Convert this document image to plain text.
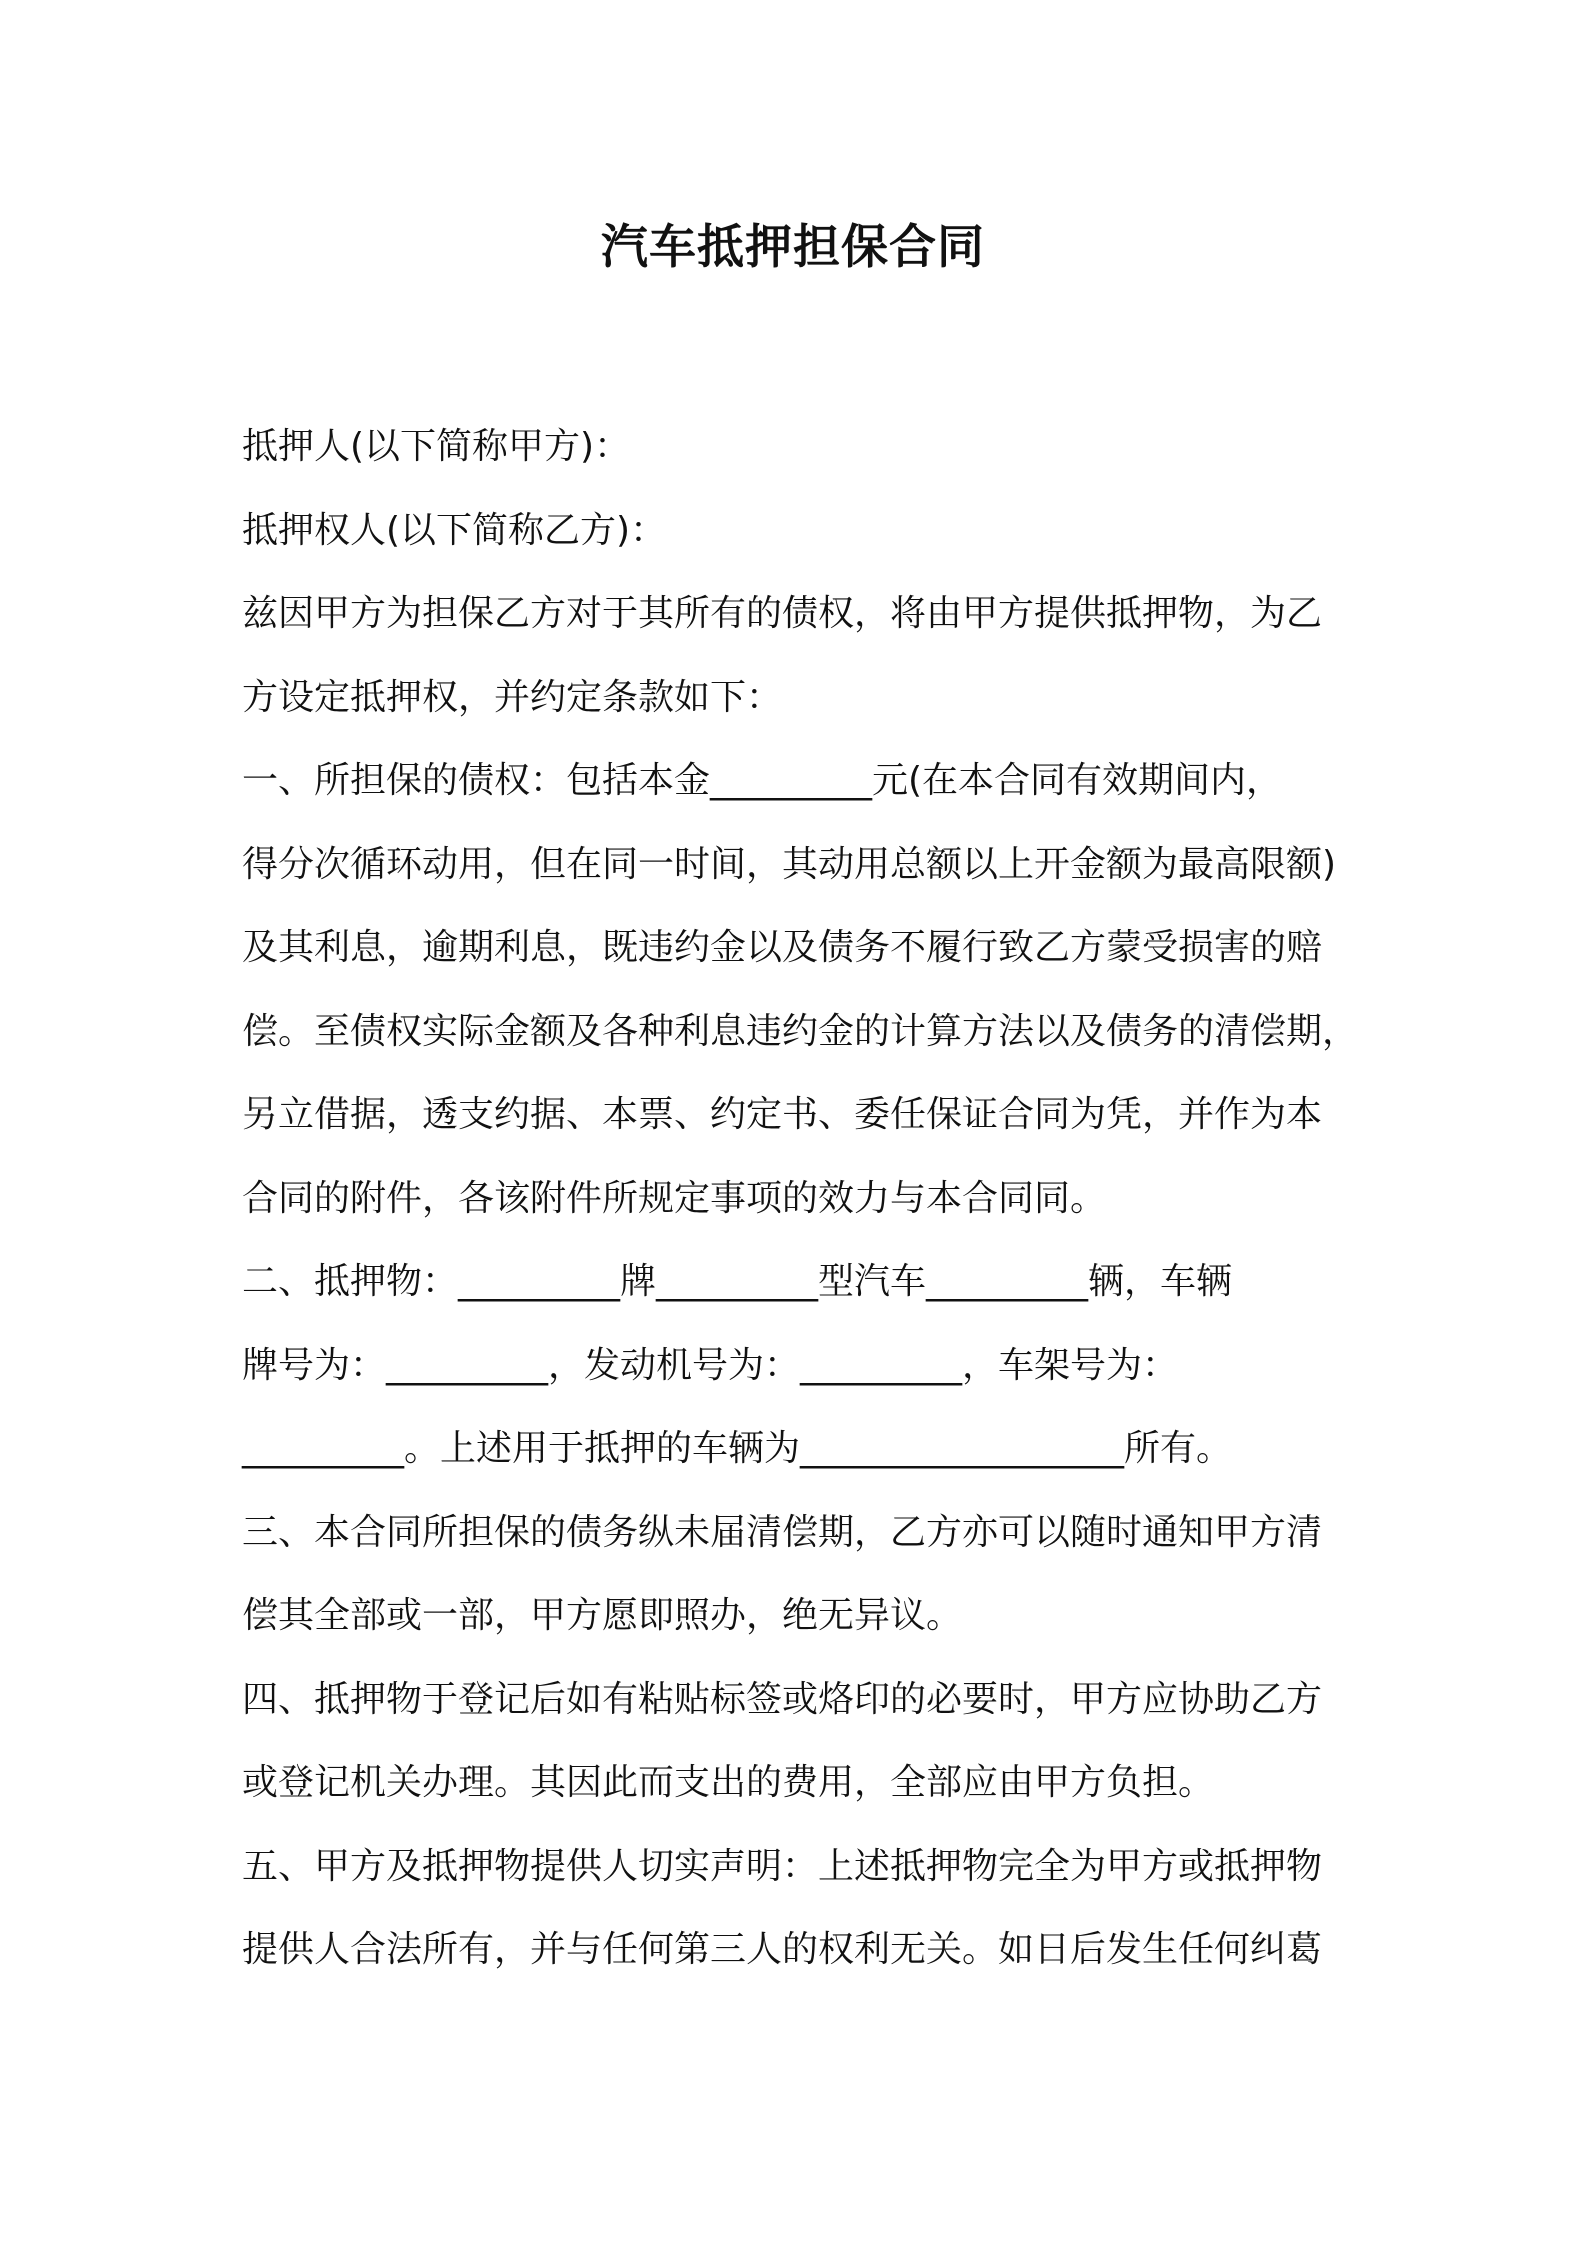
汽车抵押担保合同
抵押人(以下简称甲方)：
抵押权人(以下简称乙方)：
兹因甲方为担保乙方对于其所有的债权，将由甲方提供抵押物，为乙
方设定抵押权，并约定条款如下：
一、所担保的债权：包括本金_________元(在本合同有效期间内，
得分次循环动用，但在同一时间，其动用总额以上开金额为最高限额)
及其利息，逾期利息，既违约金以及债务不履行致乙方蒙受损害的赔
偿。至债权实际金额及各种利息违约金的计算方法以及债务的清偿期，
另立借据，透支约据、本票、约定书、委任保证合同为凭，并作为本
合同的附件，各该附件所规定事项的效力与本合同同。
二、抵押物：_________牌_________型汽车_________辆，车辆
牌号为：_________，发动机号为：_________，车架号为：
_________。上述用于抵押的车辆为__________________所有。
三、本合同所担保的债务纵未届清偿期，乙方亦可以随时通知甲方清
偿其全部或一部，甲方愿即照办，绝无异议。
四、抵押物于登记后如有粘贴标签或烙印的必要时，甲方应协助乙方
或登记机关办理。其因此而支出的费用，全部应由甲方负担。
五、甲方及抵押物提供人切实声明：上述抵押物完全为甲方或抵押物
提供人合法所有，并与任何第三人的权利无关。如日后发生任何纠葛
